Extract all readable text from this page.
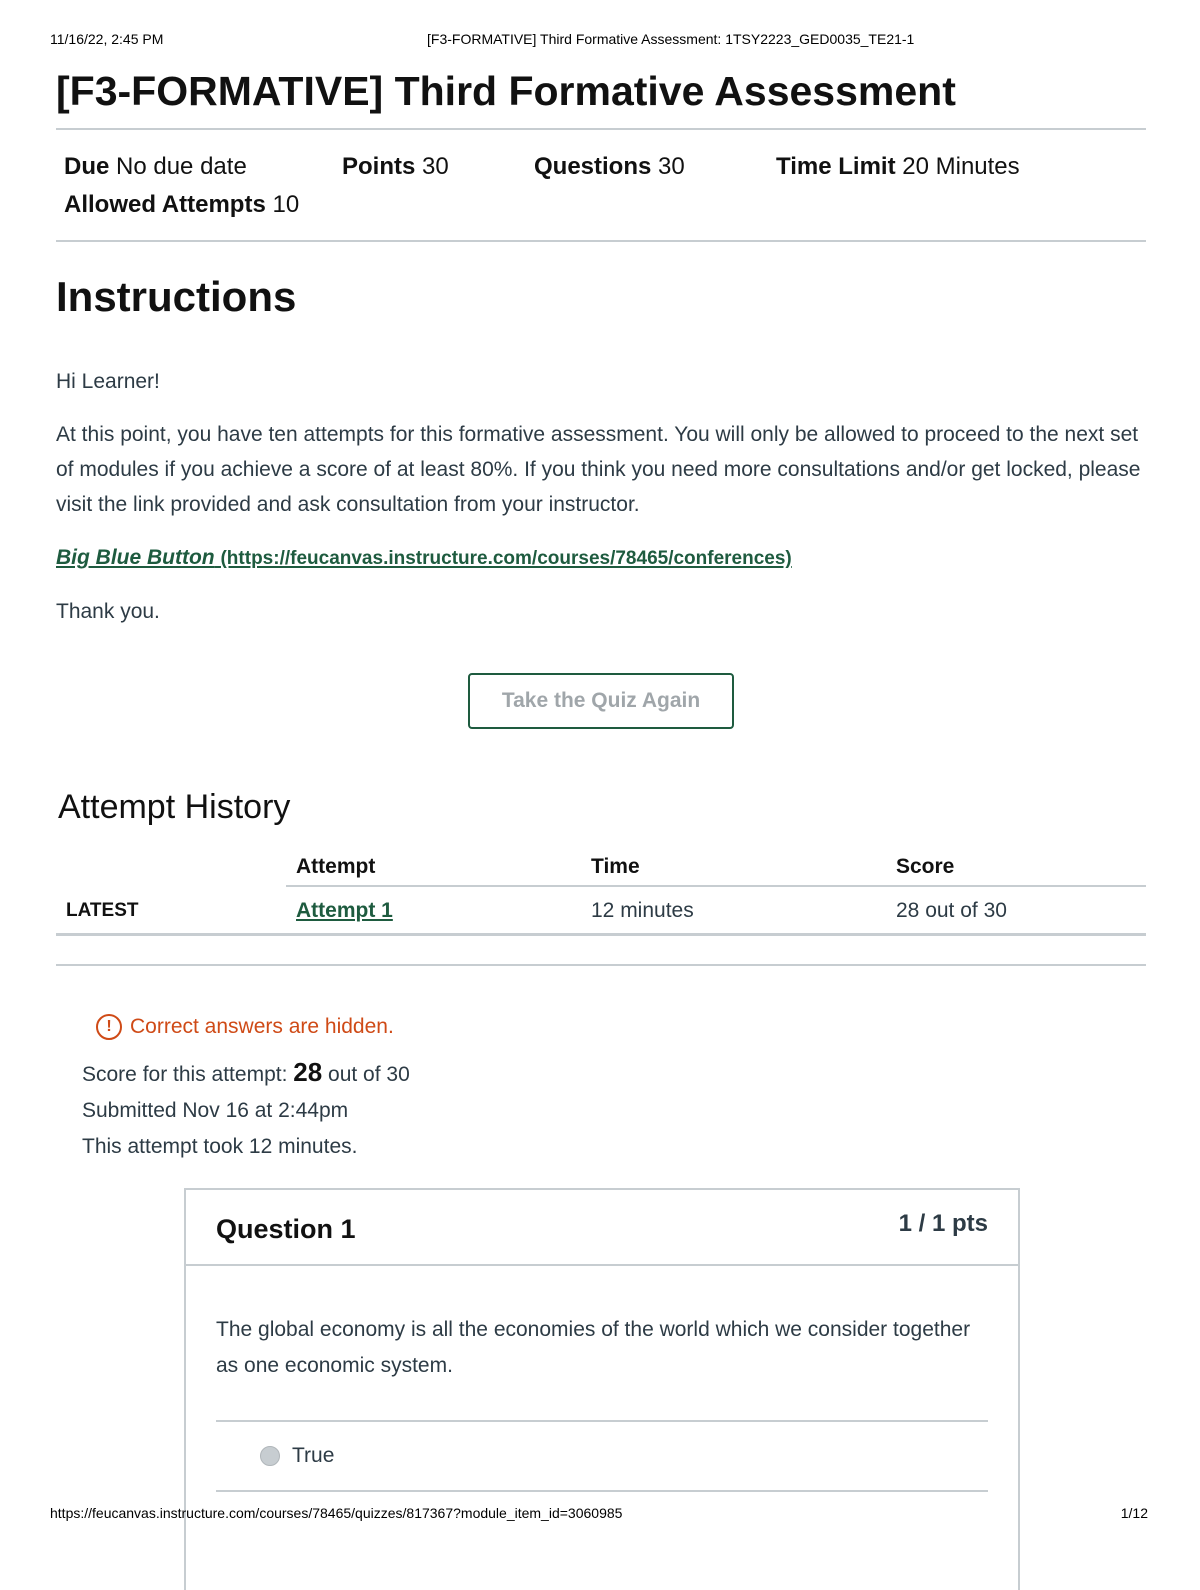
11/16/22, 2:45 PM	[F3-FORMATIVE] Third Formative Assessment: 1TSY2223_GED0035_TE21-1
[F3-FORMATIVE] Third Formative Assessment
Due No due date	Points 30	Questions 30	Time Limit 20 Minutes
Allowed Attempts 10
Instructions

Hi Learner!

At this point, you have ten attempts for this formative assessment. You will only be allowed to proceed to the next set of modules if you achieve a score of at least 80%. If you think you need more consultations and/or get locked, please visit the link provided and ask consultation from your instructor.

Big Blue Button (https://feucanvas.instructure.com/courses/78465/conferences)

Thank you.

Take the Quiz Again
Attempt History
	Attempt	Time	Score
LATEST	Attempt 1	12 minutes	28 out of 30
! Correct answers are hidden.
Score for this attempt: 28 out of 30
Submitted Nov 16 at 2:44pm
This attempt took 12 minutes.
Question 1	1 / 1 pts
The global economy is all the economies of the world which we consider together as one economic system.
True
https://feucanvas.instructure.com/courses/78465/quizzes/817367?module_item_id=3060985	1/12
